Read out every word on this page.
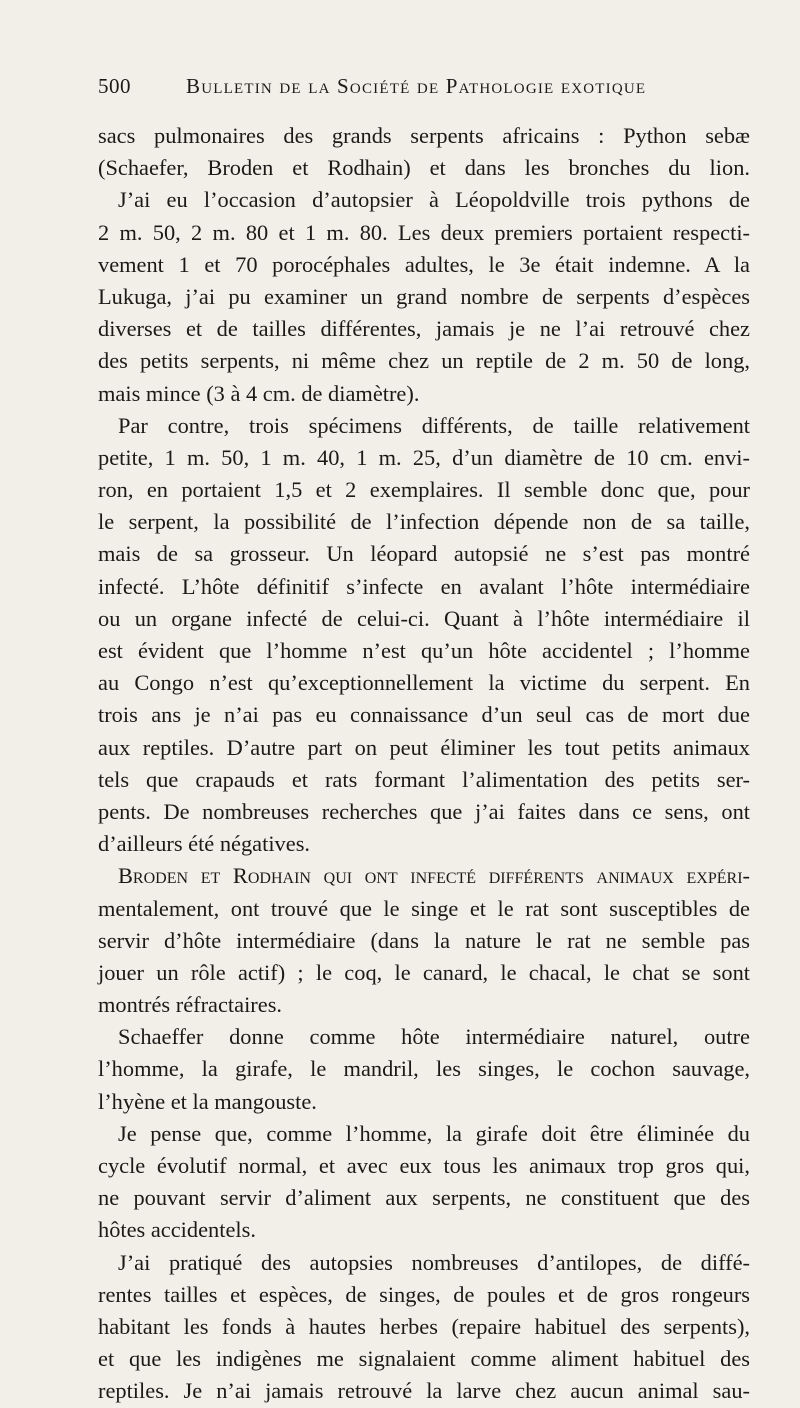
500	Bulletin de la Société de Pathologie exotique
sacs pulmonaires des grands serpents africains : Python sebæ
(Schaefer, Broden et Rodhain) et dans les bronches du lion.
J’ai eu l’occasion d’autopsier à Léopoldville trois pythons de
2 m. 50, 2 m. 80 et 1 m. 80. Les deux premiers portaient respecti-
vement 1 et 70 porocéphales adultes, le 3e était indemne. A la
Lukuga, j’ai pu examiner un grand nombre de serpents d’espèces
diverses et de tailles différentes, jamais je ne l’ai retrouvé chez
des petits serpents, ni même chez un reptile de 2 m. 50 de long,
mais mince (3 à 4 cm. de diamètre).
Par contre, trois spécimens différents, de taille relativement
petite, 1 m. 50, 1 m. 40, 1 m. 25, d’un diamètre de 10 cm. envi-
ron, en portaient 1,5 et 2 exemplaires. Il semble donc que, pour
le serpent, la possibilité de l’infection dépende non de sa taille,
mais de sa grosseur. Un léopard autopsié ne s’est pas montré
infecté. L’hôte définitif s’infecte en avalant l’hôte intermédiaire
ou un organe infecté de celui-ci. Quant à l’hôte intermédiaire il
est évident que l’homme n’est qu’un hôte accidentel ; l’homme
au Congo n’est qu’exceptionnellement la victime du serpent. En
trois ans je n’ai pas eu connaissance d’un seul cas de mort due
aux reptiles. D’autre part on peut éliminer les tout petits animaux
tels que crapauds et rats formant l’alimentation des petits ser-
pents. De nombreuses recherches que j’ai faites dans ce sens, ont
d’ailleurs été négatives.
Broden et Rodhain qui ont infecté différents animaux expéri-
mentalement, ont trouvé que le singe et le rat sont susceptibles de
servir d’hôte intermédiaire (dans la nature le rat ne semble pas
jouer un rôle actif) ; le coq, le canard, le chacal, le chat se sont
montrés réfractaires.
Schaeffer donne comme hôte intermédiaire naturel, outre
l’homme, la girafe, le mandril, les singes, le cochon sauvage,
l’hyène et la mangouste.
Je pense que, comme l’homme, la girafe doit être éliminée du
cycle évolutif normal, et avec eux tous les animaux trop gros qui,
ne pouvant servir d’aliment aux serpents, ne constituent que des
hôtes accidentels.
J’ai pratiqué des autopsies nombreuses d’antilopes, de diffé-
rentes tailles et espèces, de singes, de poules et de gros rongeurs
habitant les fonds à hautes herbes (repaire habituel des serpents),
et que les indigènes me signalaient comme aliment habituel des
reptiles. Je n’ai jamais retrouvé la larve chez aucun animal sau-
